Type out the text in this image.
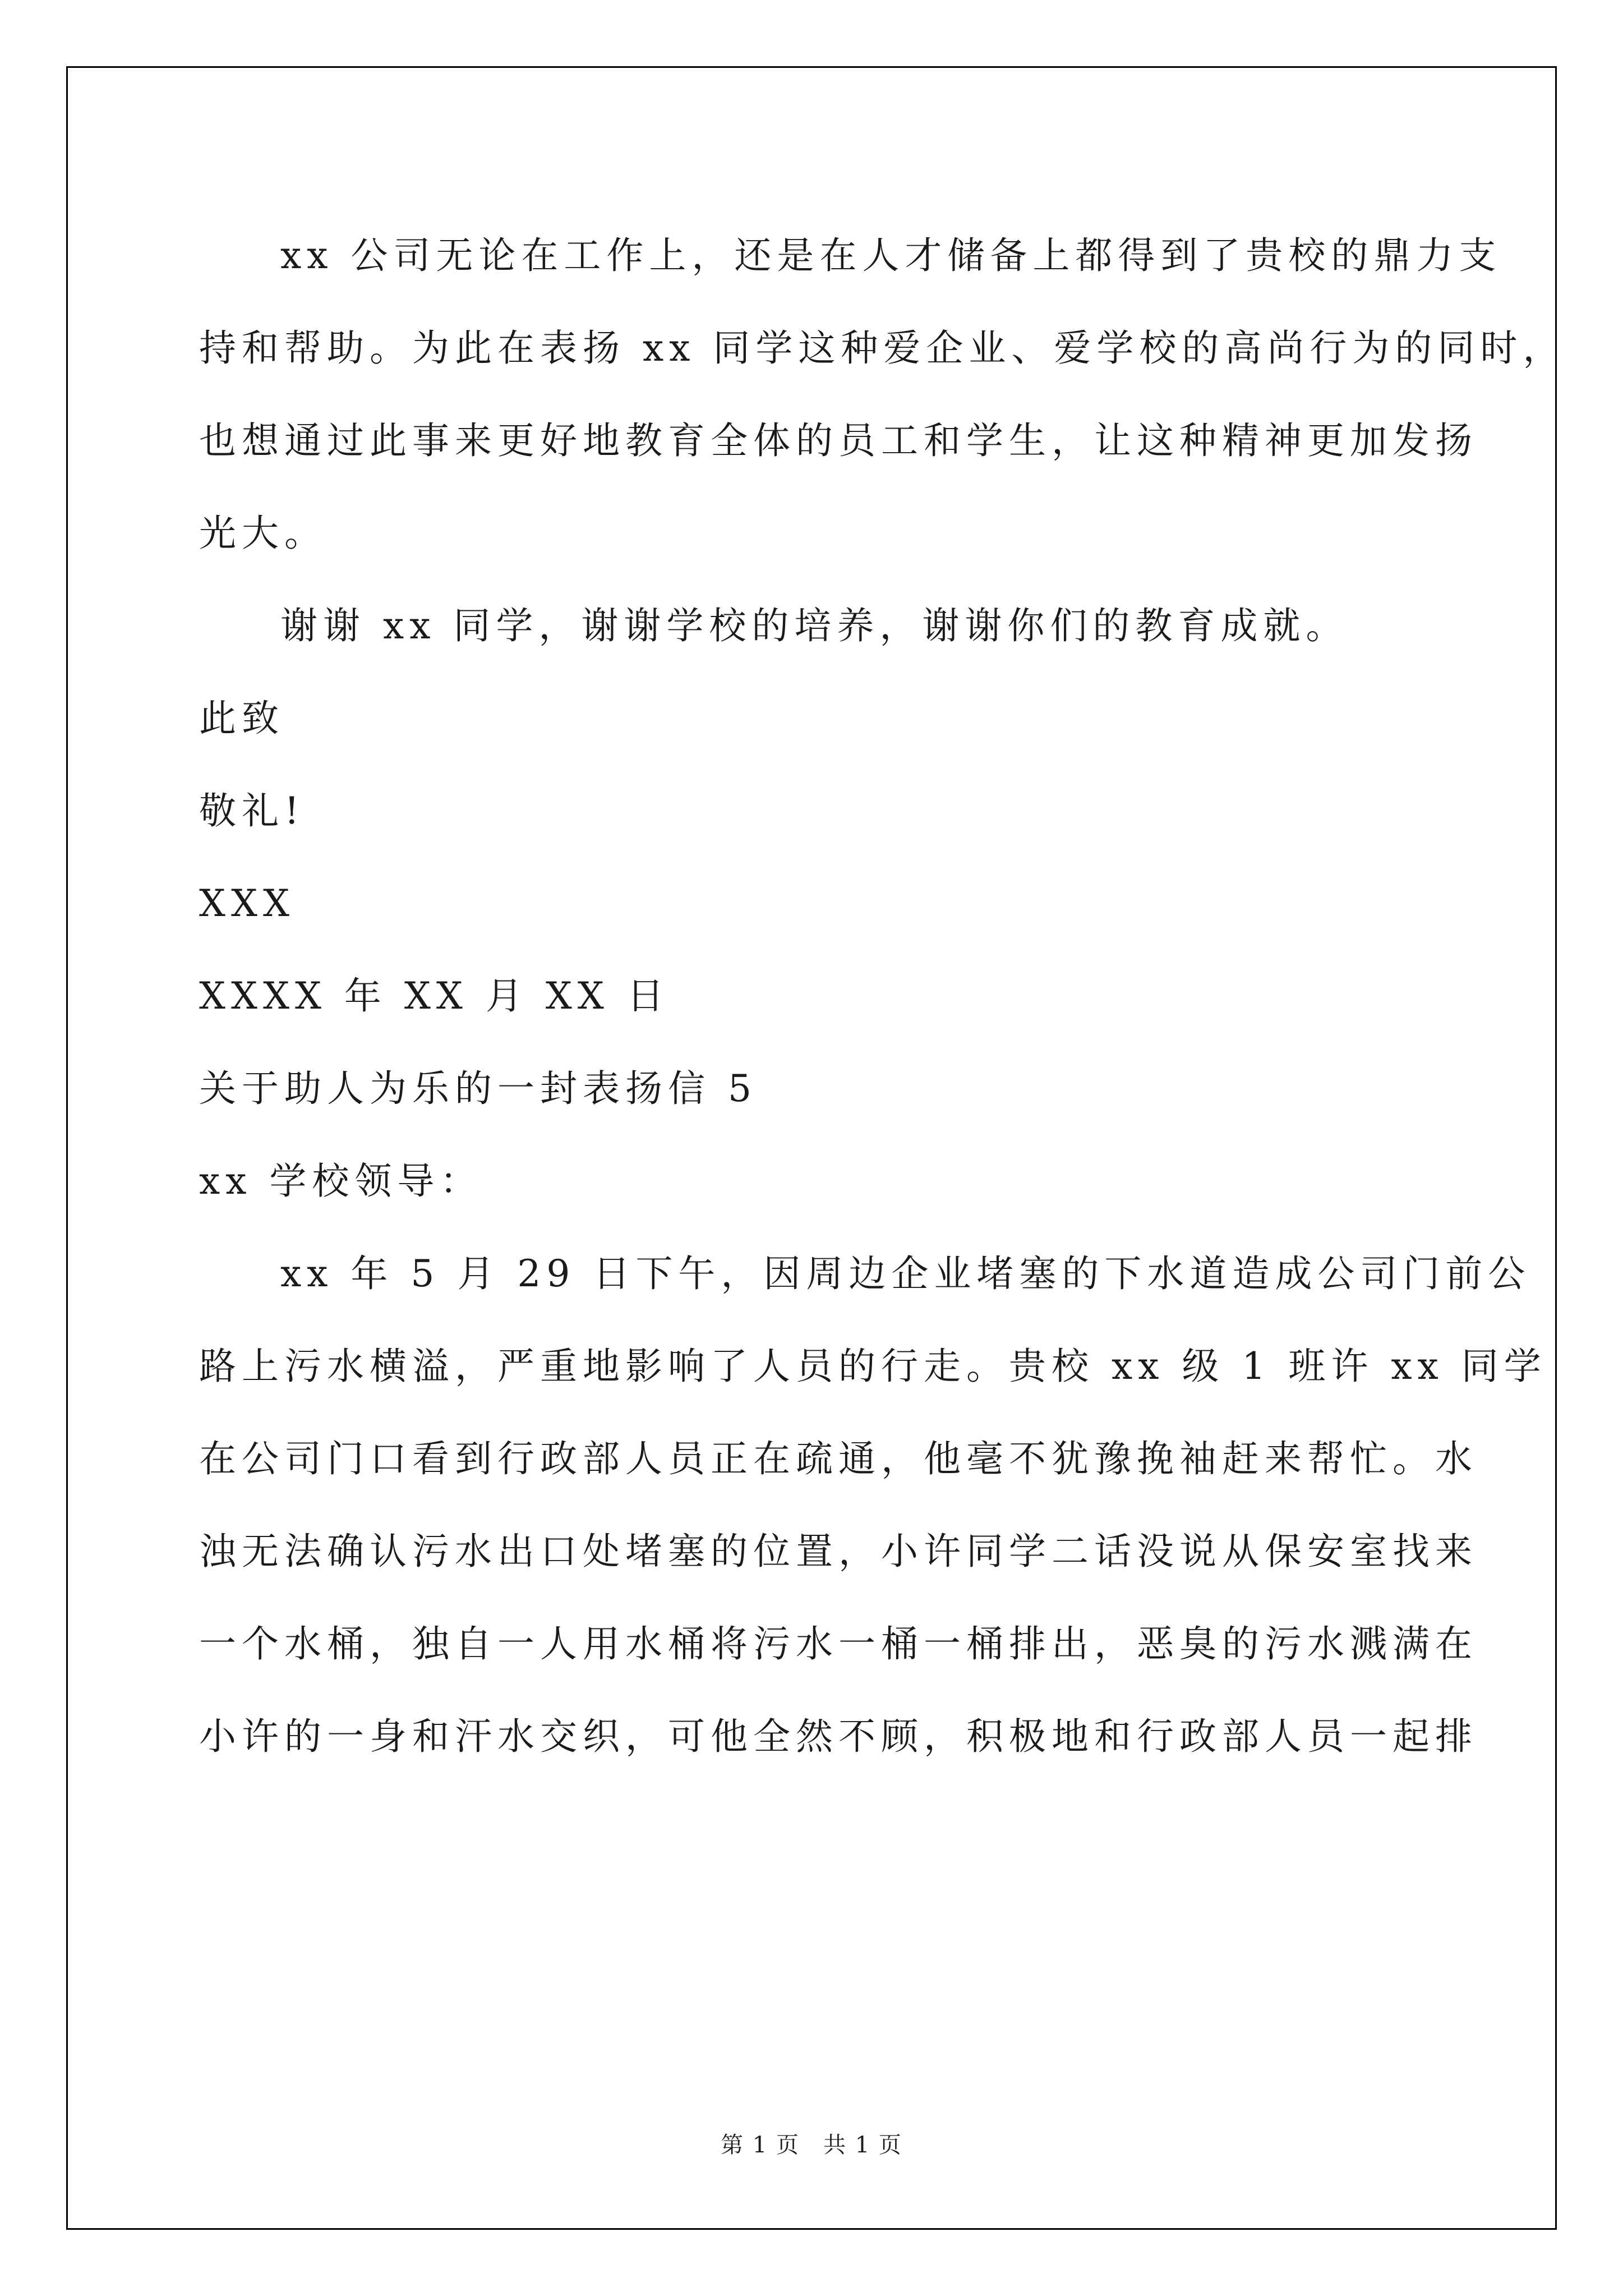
xx 公司无论在工作上，还是在人才储备上都得到了贵校的鼎力支
持和帮助。为此在表扬 xx 同学这种爱企业、爱学校的高尚行为的同时，
也想通过此事来更好地教育全体的员工和学生，让这种精神更加发扬
光大。
谢谢 xx 同学，谢谢学校的培养，谢谢你们的教育成就。
此致
敬礼!
XXX
XXXX 年 XX 月 XX 日
关于助人为乐的一封表扬信 5
xx 学校领导：
xx 年 5 月 29 日下午，因周边企业堵塞的下水道造成公司门前公
路上污水横溢，严重地影响了人员的行走。贵校 xx 级 1 班许 xx 同学
在公司门口看到行政部人员正在疏通，他毫不犹豫挽袖赶来帮忙。水
浊无法确认污水出口处堵塞的位置，小许同学二话没说从保安室找来
一个水桶，独自一人用水桶将污水一桶一桶排出，恶臭的污水溅满在
小许的一身和汗水交织，可他全然不顾，积极地和行政部人员一起排
第 1 页　共 1 页
